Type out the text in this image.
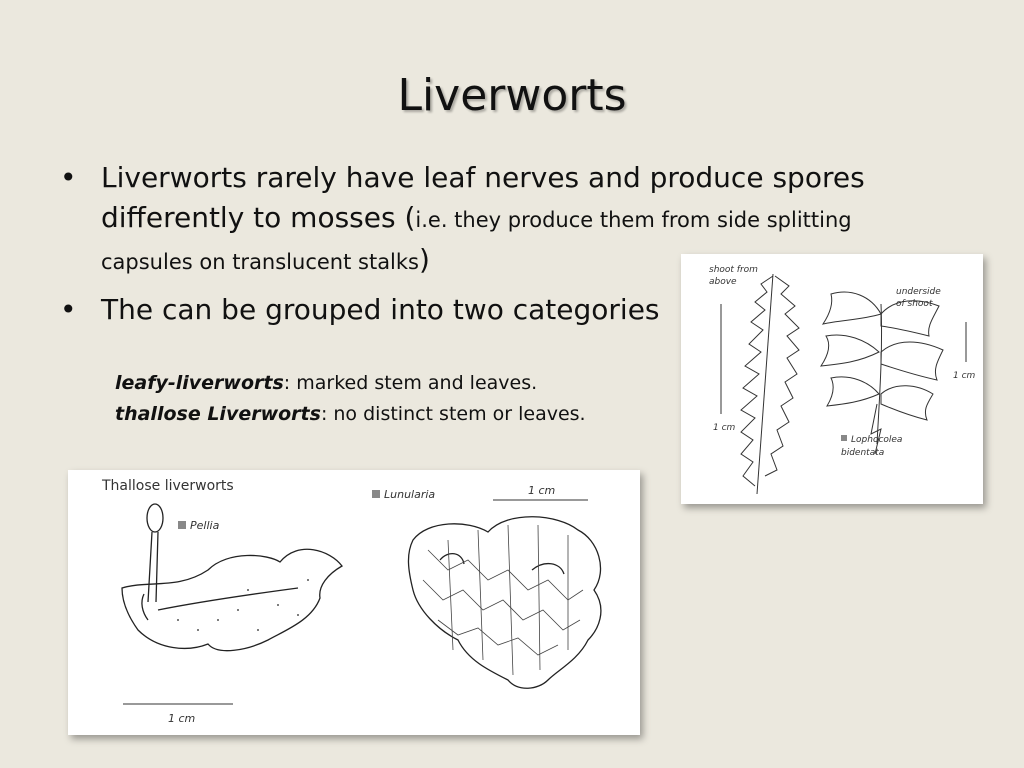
Liverworts
• Liverworts rarely have leaf nerves and produce spores differently to mosses (i.e. they produce them from side splitting capsules on translucent stalks)
• The can be grouped into two categories
leafy-liverworts: marked stem and leaves.
thallose Liverworts: no distinct stem or leaves.
shoot from
above
1 cm
underside
of shoot
1 cm
Lophocolea
bidentata
Thallose liverworts
Pellia
1 cm
Lunularia	1 cm
